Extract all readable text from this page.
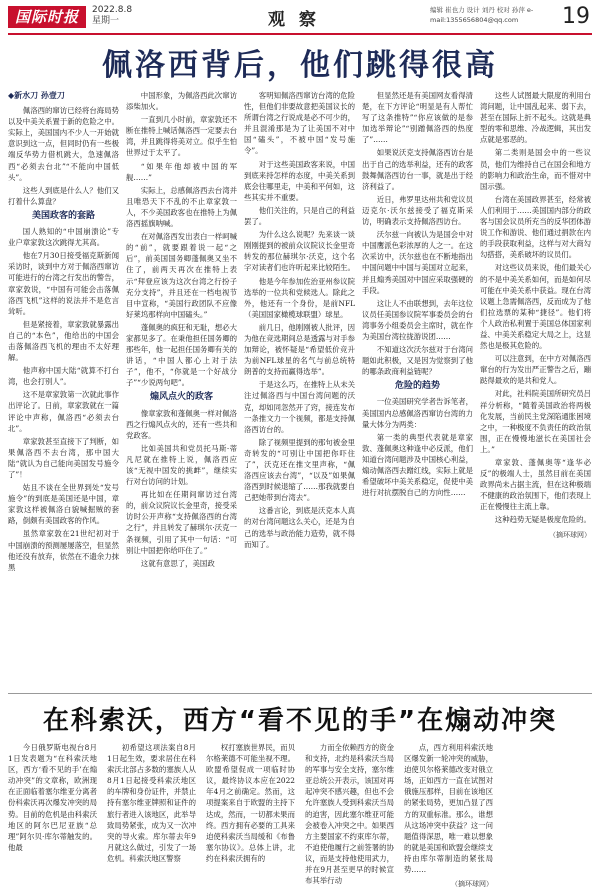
国际时报	2022.8.8
星期一	观 察	编辑 崔也力 设计 刘丹 校对 孙萍 e-mail:1355656804@qq.com	19
佩洛西背后，他们跳得很高
◆新水刀 孙壹刀

佩洛西的窜访已经将台海局势以及中美关系置于新的危险之中。实际上，美国国内不少人一开始就意识到这一点，但同时仍有一些极端反华势力借机跳大，急速佩洛西“必须去台北”“不能向中国低头”。

这些人到底是什么人？他们又打着什么算盘？

美国政客的套路

国人熟知的“中国崩溃论”专业户章家敦这次跳得尤其高。

他在7月30日接受福克斯新闻采访时，谈到中方对于佩洛西窜访可能进行的台湾之行发出的警告，章家敦说，“中国有可能会击落佩洛西飞机”这样的说法并不是危言耸听。

但是紧接着，章家敦就暴露出自己的“本色”，他给出的中国会击落佩洛西飞机的理由不太好理解。

他声称中国大陆“就算不打台湾，也会打别人”。

这不是章家敦第一次就此事作出评论了。日前，章家敦就在一篇评论中声称，佩洛西“必须去台北”。

章家敦甚至直接下了判断，如果佩洛西不去台湾，那中国大陆“就认为自己能向美国发号施令了”！

姑且不谈在全世界到处“发号施令”的到底是美国还是中国，章家敦这样被佩洛白貌喊掘贼的套路，倒颇有美国政客的作风。

虽然章家敦在21世纪初对于中国崩溃的预测屡屡落空，但显然他还没有放弃，依然在不遗余力抹黑

中国形象，为佩洛西此次窜访添柴加火。

一直到几小时前，章家敦还不断在推特上喊话佩洛西一定要去台湾，并且跳得将美对立。似乎生怕世界过于太平了。

“如果年他却被中国的军舰……”

实际上，总感佩洛西去台湾并且唯恐天下不乱的不止章家敦一人，不少美国政客也在推特上为佩洛西摇旗呐喊。

在对佩洛西发出表白一样呵喊的“前”，就要跟着说一起“之后”，前美国国务卿蓬佩奥又坐不住了，前两天再次在推特上表示“拜登应该为这次台湾之行扮子充分支持”，并且还在一档电视节目中宣称，“美国行政团队不应像好莱坞那样向中国磕头。”

蓬佩奥的疯狂和无耻，想必大家都见多了。在秉他担任国务卿的那些年，他一起担任国务卿有关的讲话，“中国人都心上对于法子”，他不，“你就是一个好战分子”“少说两句吧”。

煽风点火的政客

像章家敦和蓬佩奥一样对佩洛西之行煽风点火的，还有一些共和党政客。

比如美国共和党员托马斯·蒂凡尼就在推特上说，佩洛西应该“无视中国发的挑衅”，继续实行对台访问的计划。

再比如在任期间窜访过台湾的，前众议院议长金里奇，接受采访时公开声称“支持佩洛西的台湾之行”，并且转发了赫琪尔·沃克一条视频，引用了其中一句话：“可别让中国把你给吓住了。”

这就有意思了，美国政

客明知佩洛西窜访台湾的危险性，但他们非要故意把美国议长的所谓台湾之行说成是必不可少的，并且混淆那是为了让美国不对中国“磕头”，不被中国“发号施令”。

对于这些美国政客来说，中国到底来持怎样的态度，中美关系到底会往哪里走，中美和平何如，这些其实并不重要。

他们关注的，只是自己的利益罢了。

为什么这么说呢？先来谈一谈刚刚提到的被前众议院议长金里奇转发的那位赫琪尔·沃克，这个名字对读者们也许听起来比较陌生。

他是今年参加佐治亚州参议院选举的一位共和党候选人。除此之外，他还有一个身份，是前NFL（美国国家橄榄球联盟）球星。

前几日，他刚刚被人批评，因为他在竞选期间总是透露与对手参加辩论，被怀疑是“希望低价竞升为前NFL球星的名气与前总统特朗普的支持而赢得选举”。

于是这么巧，在推特上从未关注过佩洛西与中国台湾问题的沃克，却如同忽然开了窍，接连发布一条推文力一个视频，都是支持佩洛西访台的。

除了视频里提到的那句被金里奇转发的“可别让中国把你吓住了”，沃克还在推文里声称，“佩洛西应该去台湾”，“以及”如果佩洛西到时候退缩了……那我就要自己把她带到台湾去”。

这番言论，到底是沃克本人真的对台湾问题这么关心，还是为自己的选举与政治能力造势，就不得而知了。

但显然还是有美国网友看得清楚，在下方评论“明显是有人帮忙写了这条推特”“你应该做的是参加选举辩论”“别蹭佩洛西的热度了”……

如果说沃克支持佩洛西访台是出于自己的选举利益，还有的政客鼓舞佩洛西访台一事，就是出于经济利益了。

近日，弗罗里达州共和党议员迈克尔·沃尔兹接受了福克斯采访，明确表示支持佩洛西访台。

沃尔兹一向被认为是国会中对中国鹰派色彩浓厚的人之一。在这次采访中，沃尔兹也在不断地指出中国问题中中国与美国对立起来，并且煽秀美国对中国应采取强硬的手段。

这让人不由联想到，去年这位议员任美国参议院军事委员会的台湾事务小组委员会主席时，就在作为美国台湾拉拢游说团……

不知道这次沃尔兹对于台湾问题如此积极，又是因为觉察到了他的哪条政商利益链呢？

危险的趋势

一位美国研究学者告诉笔者，美国国内总感佩洛西窜访台湾的力量大体分为两类：

第一类的典型代表就是章家敦、蓬佩奥这种逢中必反派，他们知道台湾问题涉及中国核心利益，煽动佩洛西去蹭红线，实际上就是希望破坏中美关系稳定，促使中美进行对抗摆脱自己的方向性……

这些人试图最大限度的利用台湾问题，让中国乱起来、弱下去，甚至在国际上折不起头。这就是典型的零和思维、冷战逻辑，其出发点就是邪恶的。

第二类则是国会中的一些议员，他们为维持自己在国会和地方的影响力和政治生命，而不惜对中国示强。

台湾在美国政界甚至，经常被人们利用于……美国国内部分的政客与国会议员所充当的反华团体游说工作和游说、他们通过捐款在内的手段获取利益，这样与对大商勾勾搭搭，美系破坏的议员们。

对这些议员来说，他们最关心的不是中美关系如何，而是如何尽可能在中美关系中获益。现在台湾议题上急需佩洛西，反而成为了他们拉选票的某种“捷径”。他们将个人政治私利置于美国总体国家利益、中美关系稳定大局之上，这显然也是极其危险的。

可以注意到，在中方对佩洛西窜台的行为发出严正警告之后，蹦跶得最欢的是共和党人。

对此，社科院美国所研究员吕祥分析称，“随着美国政治将两极化发展，当前民主党深陷通胀困境之中，一种极度不负责任的政治氛围，正在慢慢地滋长在美国社会上。”

章家敦、蓬佩奥等“逢华必反”的极端人士，虽然目前在美国政界尚未占据主流，但在这种极端不健康的政治氛围下，他们表现上正在慢慢往主流上靠。

这种趋势无疑是极度危险的。

（摘环球网）
在科索沃，西方“看不见的手”在煽动冲突

今日俄罗斯电视台8月1日发表题为“在科索沃地区，西方‘看不见的手’在煽动冲突”的文章称，欧洲现在正面临着塞尔维亚分离者份科索沃再次爆发冲突的局势。目前的危机是由科索沃地区的阿尔巴尼亚族“总理”阿尔贝·库尔蒂触发的。他最

初希望这项法案自8月1日起生效，要求居住在科索沃北部占多数的塞族人从8月1日起接受科索沃地区的车牌和身份证件，并禁止持有塞尔维亚牌照和证件的旅行者进入该地区，此举导致局势紧张，成为又一次冲突的导火索。库尔蒂去年9月就这么做过，引发了一场危机。科索沃地区警察

权打塞族世界民，而贝尔格莱德不可能坐视不理。欧盟希望促成一项临时协议，最终协议本应在2022年4月之前确定。然而，这项提案来自于欧盟的主持下达成，然而，一切都未果而终。西方拥有必要的工具来迫使科索沃当局缓和《布鲁塞尔协议》。总体上讲，北约在科索沃拥有的

力而全依赖西方的资金和支持，北约是科索沃当局的军事与安全支持，塞尔维亚总统公开表示，该国对再起冲突不感兴趣，但也不会允许塞族人受到科索沃当局的迫害，因此塞尔维亚可能会被卷入冲突之中。如果西方主要国家不约束库尔蒂，不迫使他履行之前签署的协议，而是支持他使用武力，并在9月甚至更早的时候宣布其举行动

点，西方利用科索沃地区爆发新一轮冲突的威胁，迫使贝尔格莱德改变对俄立场，正如西方一直在试图对俄施压那样，目前在该地区的紧张局势，更加凸显了西方的双重标准。那么，谁想从这场冲突中获益？这一问题值得深思，唯一难以想象的就是美国和欧盟会继续支持由库尔蒂制造的紧张局势……

（摘环球网）
